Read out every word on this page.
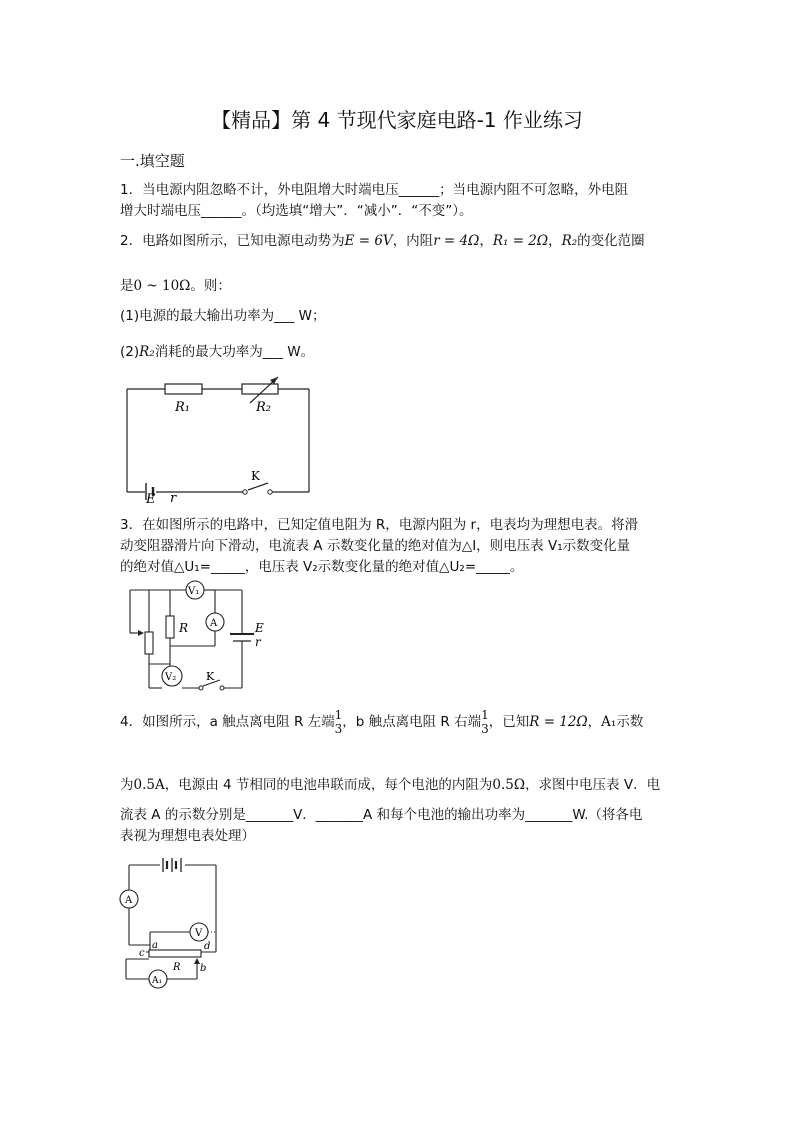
【精品】第 4 节现代家庭电路-1 作业练习
一.填空题
1．当电源内阻忽略不计，外电阻增大时端电压______；当电源内阻不可忽略，外电阻
增大时端电压______。（均选填“增大”．“减小”．“不变”）。
2．电路如图所示，已知电源电动势为E = 6V，内阻r = 4Ω，R₁ = 2Ω，R₂的变化范圈
是0 ~ 10Ω。则：
(1)电源的最大输出功率为___ W；
(2)R₂消耗的最大功率为___ W。
R₁	R₂
K
E r
3．在如图所示的电路中，已知定值电阻为 R，电源内阻为 r，电表均为理想电表。将滑
动变阻器滑片向下滑动，电流表 A 示数变化量的绝对值为△I，则电压表 V₁示数变化量
的绝对值△U₁=_____，电压表 V₂示数变化量的绝对值△U₂=_____。
V₁
A
V₂
R	E
r
K
4．如图所示，a 触点离电阻 R 左端 1
3 ，b 触点离电阻 R 右端 1
3 ，已知R = 12Ω，A₁示数
为0.5A，电源由 4 节相同的电池串联而成，每个电池的内阻为0.5Ω，求图中电压表 V．电
流表 A 的示数分别是_______V．_______A 和每个电池的输出功率为_______W.（将各电
表视为理想电表处理）
A
V
A₁
R
a
b
c
d
